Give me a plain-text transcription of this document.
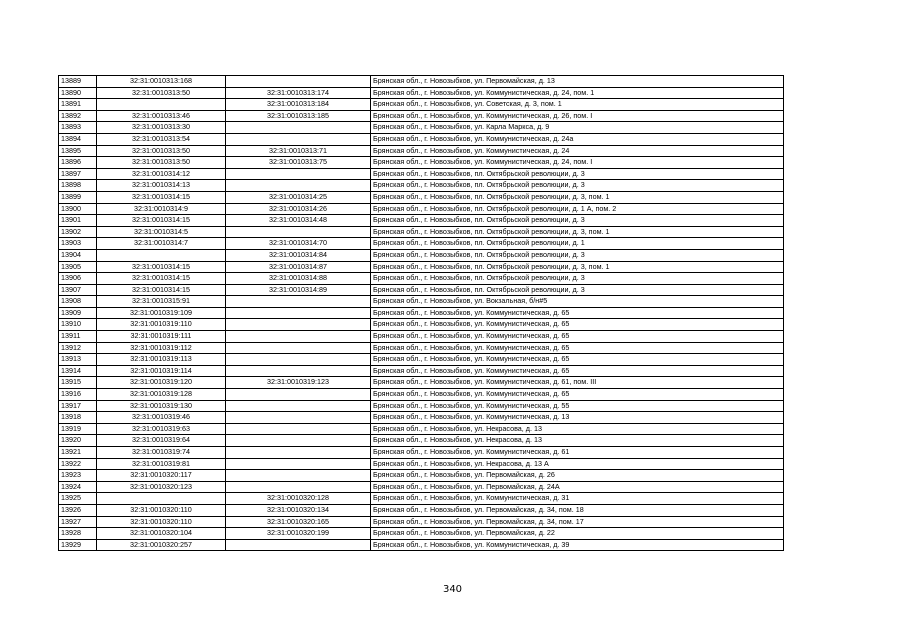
13889	32:31:0010313:168		Брянская обл., г. Новозыбков, ул. Первомайская, д. 13
13890	32:31:0010313:50	32:31:0010313:174	Брянская обл., г. Новозыбков, ул. Коммунистическая, д. 24, пом. 1
13891		32:31:0010313:184	Брянская обл., г. Новозыбков, ул. Советская, д. 3, пом. 1
13892	32:31:0010313:46	32:31:0010313:185	Брянская обл., г. Новозыбков, ул. Коммунистическая, д. 26, пом. I
13893	32:31:0010313:30		Брянская обл., г. Новозыбков, ул. Карла Маркса, д. 9
13894	32:31:0010313:54		Брянская обл., г. Новозыбков, ул. Коммунистическая, д. 24а
13895	32:31:0010313:50	32:31:0010313:71	Брянская обл., г. Новозыбков, ул. Коммунистическая, д. 24
13896	32:31:0010313:50	32:31:0010313:75	Брянская обл., г. Новозыбков, ул. Коммунистическая, д. 24, пом. I
13897	32:31:0010314:12		Брянская обл., г. Новозыбков, пл. Октябрьской революции, д. 3
13898	32:31:0010314:13		Брянская обл., г. Новозыбков, пл. Октябрьской революции, д. 3
13899	32:31:0010314:15	32:31:0010314:25	Брянская обл., г. Новозыбков, пл. Октябрьской революции, д. 3, пом. 1
13900	32:31:0010314:9	32:31:0010314:26	Брянская обл., г. Новозыбков, пл. Октябрьской революции, д. 1 А, пом. 2
13901	32:31:0010314:15	32:31:0010314:48	Брянская обл., г. Новозыбков, пл. Октябрьской революции, д. 3
13902	32:31:0010314:5		Брянская обл., г. Новозыбков, пл. Октябрьской революции, д. 3, пом. 1
13903	32:31:0010314:7	32:31:0010314:70	Брянская обл., г. Новозыбков, пл. Октябрьской революции, д. 1
13904		32:31:0010314:84	Брянская обл., г. Новозыбков, пл. Октябрьской революции, д. 3
13905	32:31:0010314:15	32:31:0010314:87	Брянская обл., г. Новозыбков, пл. Октябрьской революции, д. 3, пом. 1
13906	32:31:0010314:15	32:31:0010314:88	Брянская обл., г. Новозыбков, пл. Октябрьской революции, д. 3
13907	32:31:0010314:15	32:31:0010314:89	Брянская обл., г. Новозыбков, пл. Октябрьской революции, д. 3
13908	32:31:0010315:91		Брянская обл., г. Новозыбков, ул. Вокзальная, б/н#5
13909	32:31:0010319:109		Брянская обл., г. Новозыбков, ул. Коммунистическая, д. 65
13910	32:31:0010319:110		Брянская обл., г. Новозыбков, ул. Коммунистическая, д. 65
13911	32:31:0010319:111		Брянская обл., г. Новозыбков, ул. Коммунистическая, д. 65
13912	32:31:0010319:112		Брянская обл., г. Новозыбков, ул. Коммунистическая, д. 65
13913	32:31:0010319:113		Брянская обл., г. Новозыбков, ул. Коммунистическая, д. 65
13914	32:31:0010319:114		Брянская обл., г. Новозыбков, ул. Коммунистическая, д. 65
13915	32:31:0010319:120	32:31:0010319:123	Брянская обл., г. Новозыбков, ул. Коммунистическая, д. 61, пом. III
13916	32:31:0010319:128		Брянская обл., г. Новозыбков, ул. Коммунистическая, д. 65
13917	32:31:0010319:130		Брянская обл., г. Новозыбков, ул. Коммунистическая, д. 55
13918	32:31:0010319:46		Брянская обл., г. Новозыбков, ул. Коммунистическая, д. 13
13919	32:31:0010319:63		Брянская обл., г. Новозыбков, ул. Некрасова, д. 13
13920	32:31:0010319:64		Брянская обл., г. Новозыбков, ул. Некрасова, д. 13
13921	32:31:0010319:74		Брянская обл., г. Новозыбков, ул. Коммунистическая, д. 61
13922	32:31:0010319:81		Брянская обл., г. Новозыбков, ул. Некрасова, д. 13 А
13923	32:31:0010320:117		Брянская обл., г. Новозыбков, ул. Первомайская, д. 26
13924	32:31:0010320:123		Брянская обл., г. Новозыбков, ул. Первомайская, д. 24А
13925		32:31:0010320:128	Брянская обл., г. Новозыбков, ул. Коммунистическая, д. 31
13926	32:31:0010320:110	32:31:0010320:134	Брянская обл., г. Новозыбков, ул. Первомайская, д. 34, пом. 18
13927	32:31:0010320:110	32:31:0010320:165	Брянская обл., г. Новозыбков, ул. Первомайская, д. 34, пом. 17
13928	32:31:0010320:104	32:31:0010320:199	Брянская обл., г. Новозыбков, ул. Первомайская, д. 22
13929	32:31:0010320:257		Брянская обл., г. Новозыбков, ул. Коммунистическая, д. 39
340
